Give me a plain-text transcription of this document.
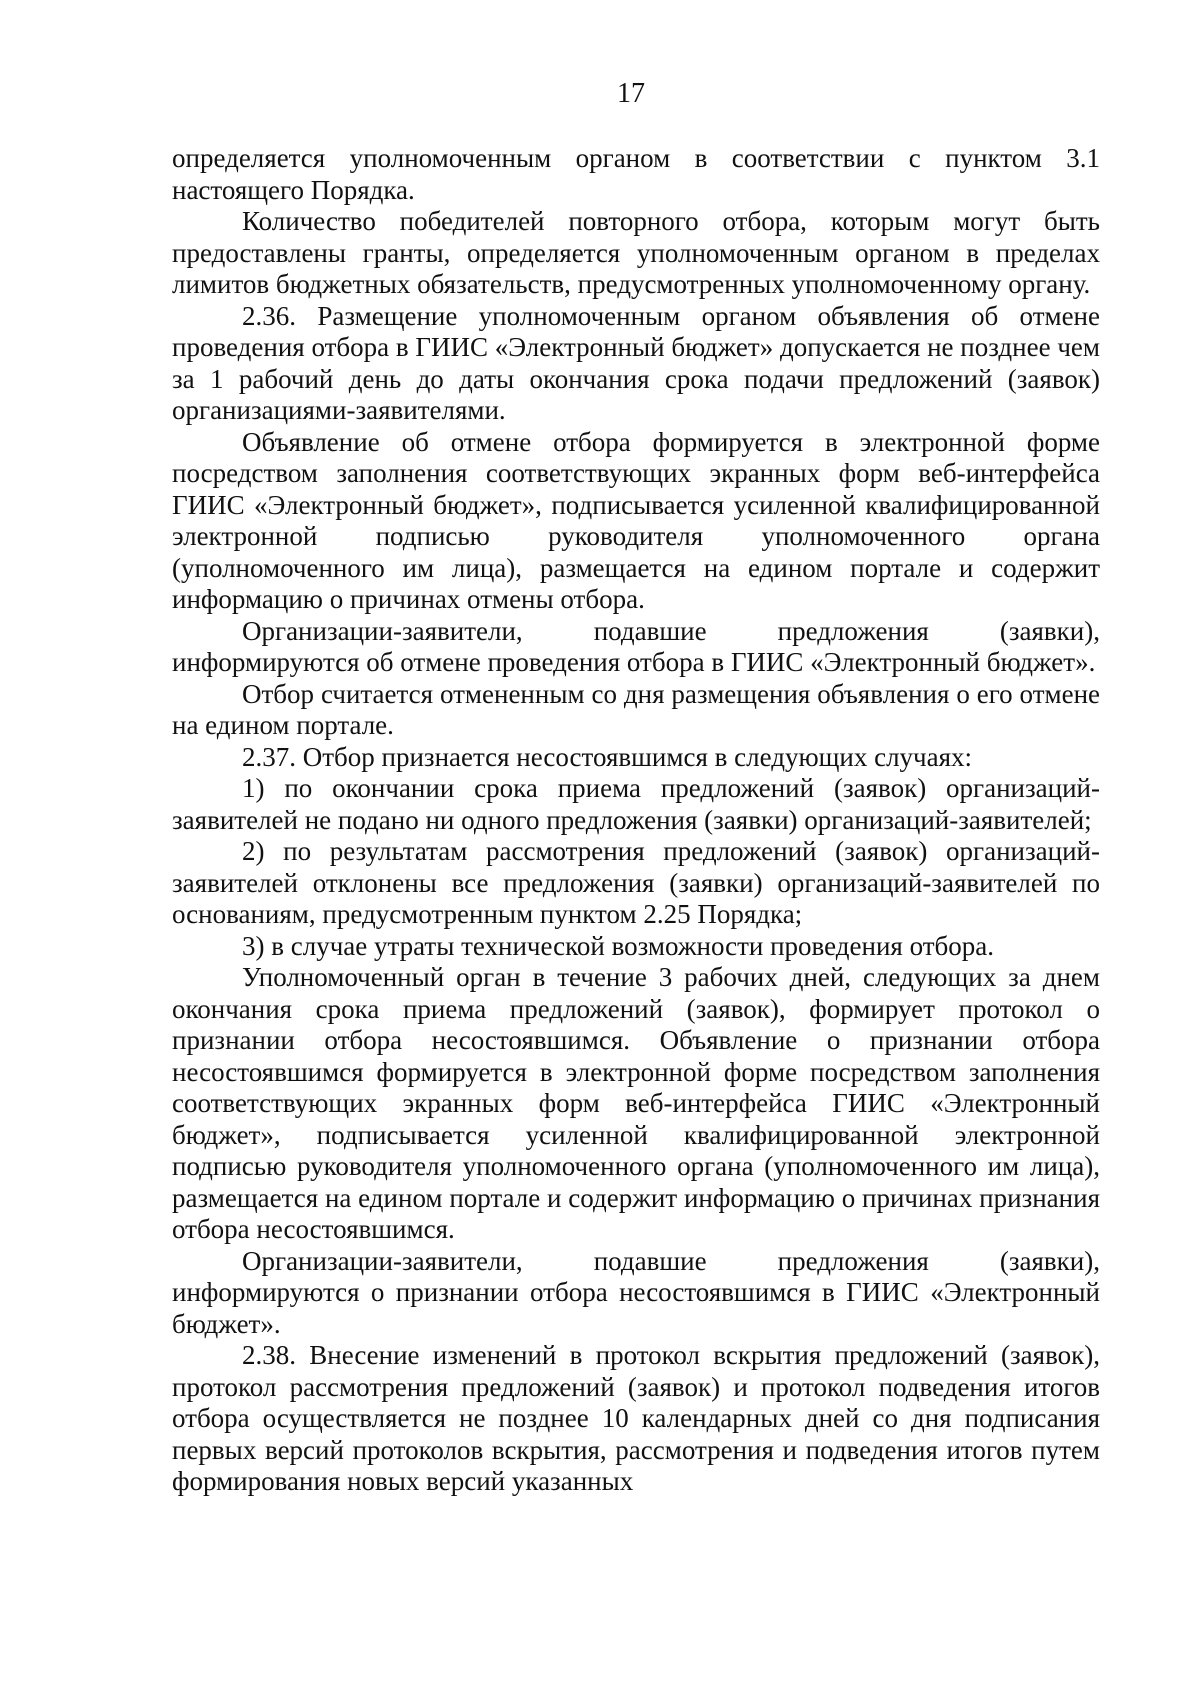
17

определяется уполномоченным органом в соответствии с пунктом 3.1 настоящего Порядка.

Количество победителей повторного отбора, которым могут быть предоставлены гранты, определяется уполномоченным органом в пределах лимитов бюджетных обязательств, предусмотренных уполномоченному органу.

2.36. Размещение уполномоченным органом объявления об отмене проведения отбора в ГИИС «Электронный бюджет» допускается не позднее чем за 1 рабочий день до даты окончания срока подачи предложений (заявок) организациями-заявителями.

Объявление об отмене отбора формируется в электронной форме посредством заполнения соответствующих экранных форм веб-интерфейса ГИИС «Электронный бюджет», подписывается усиленной квалифицированной электронной подписью руководителя уполномоченного органа (уполномоченного им лица), размещается на едином портале и содержит информацию о причинах отмены отбора.

Организации-заявители, подавшие предложения (заявки), информируются об отмене проведения отбора в ГИИС «Электронный бюджет».

Отбор считается отмененным со дня размещения объявления о его отмене на едином портале.

2.37. Отбор признается несостоявшимся в следующих случаях:

1) по окончании срока приема предложений (заявок) организаций-заявителей не подано ни одного предложения (заявки) организаций-заявителей;

2) по результатам рассмотрения предложений (заявок) организаций-заявителей отклонены все предложения (заявки) организаций-заявителей по основаниям, предусмотренным пунктом 2.25 Порядка;

3) в случае утраты технической возможности проведения отбора.

Уполномоченный орган в течение 3 рабочих дней, следующих за днем окончания срока приема предложений (заявок), формирует протокол о признании отбора несостоявшимся. Объявление о признании отбора несостоявшимся формируется в электронной форме посредством заполнения соответствующих экранных форм веб-интерфейса ГИИС «Электронный бюджет», подписывается усиленной квалифицированной электронной подписью руководителя уполномоченного органа (уполномоченного им лица), размещается на едином портале и содержит информацию о причинах признания отбора несостоявшимся.

Организации-заявители, подавшие предложения (заявки), информируются о признании отбора несостоявшимся в ГИИС «Электронный бюджет».

2.38. Внесение изменений в протокол вскрытия предложений (заявок), протокол рассмотрения предложений (заявок) и протокол подведения итогов отбора осуществляется не позднее 10 календарных дней со дня подписания первых версий протоколов вскрытия, рассмотрения и подведения итогов путем формирования новых версий указанных
